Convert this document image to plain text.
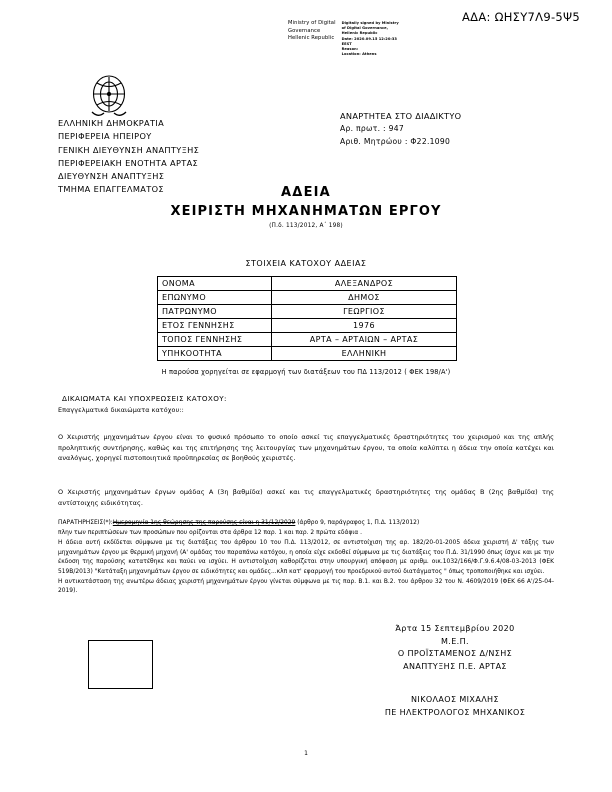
ΑΔΑ: ΩΗΣΥ7Λ9-5Ψ5
Ministry of Digital
Governance
Hellenic Republic
Digitally signed by Ministry
of Digital Governance,
Hellenic Republic
Date: 2020.09.15 12:20:33
EEST
Reason:
Location: Athens
ΕΛΛΗΝΙΚΗ ΔΗΜΟΚΡΑΤΙΑ
ΠΕΡΙΦΕΡΕΙΑ ΗΠΕΙΡΟΥ
ΓΕΝΙΚΗ ΔΙΕΥΘΥΝΣΗ ΑΝΑΠΤΥΞΗΣ
ΠΕΡΙΦΕΡΕΙΑΚΗ ΕΝΟΤΗΤΑ ΑΡΤΑΣ
ΔΙΕΥΘΥΝΣΗ ΑΝΑΠΤΥΞΗΣ
ΤΜΗΜΑ ΕΠΑΓΓΕΛΜΑΤΟΣ
ΑΝΑΡΤΗΤΕΑ ΣΤΟ ΔΙΑΔΙΚΤΥΟ
Αρ. πρωτ. : 947
Αριθ. Μητρώου : Φ22.1090
ΑΔΕΙΑ
ΧΕΙΡΙΣΤΗ ΜΗΧΑΝΗΜΑΤΩΝ ΕΡΓΟΥ
(Π.δ. 113/2012, Α΄ 198)
ΣΤΟΙΧΕΙΑ ΚΑΤΟΧΟΥ ΑΔΕΙΑΣ
ΟΝΟΜΑ	ΑΛΕΞΑΝΔΡΟΣ
ΕΠΩΝΥΜΟ	ΔΗΜΟΣ
ΠΑΤΡΩΝΥΜΟ	ΓΕΩΡΓΙΟΣ
ΕΤΟΣ ΓΕΝΝΗΣΗΣ	1976
ΤΟΠΟΣ ΓΕΝΝΗΣΗΣ	ΑΡΤΑ – ΑΡΤΑΙΩΝ – ΑΡΤΑΣ
ΥΠΗΚΟΟΤΗΤΑ	ΕΛΛΗΝΙΚΗ
Η παρούσα χορηγείται σε εφαρμογή των διατάξεων του ΠΔ 113/2012 ( ΦΕΚ 198/Α')
ΔΙΚΑΙΩΜΑΤΑ ΚΑΙ ΥΠΟΧΡΕΩΣΕΙΣ ΚΑΤΟΧΟΥ:
Επαγγελματικά δικαιώματα κατόχου::
Ο Χειριστής μηχανημάτων έργου είναι το φυσικό πρόσωπο το οποίο ασκεί τις επαγγελματικές δραστηριότητες του χειρισμού και της απλής προληπτικής συντήρησης, καθώς και της επιτήρησης της λειτουργίας των μηχανημάτων έργου, τα οποία καλύπτει η άδεια την οποία κατέχει και αναλόγως, χορηγεί πιστοποιητικά προϋπηρεσίας σε βοηθούς χειριστές.
Ο Χειριστής μηχανημάτων έργων ομάδας Α (3η βαθμίδα) ασκεί και τις επαγγελματικές δραστηριότητες της ομάδας Β (2ης βαθμίδα) της αντίστοιχης ειδικότητας.

ΠΑΡΑΤΗΡΗΣΕΙΣ(*):Ημερομηνία 1ης θεώρησης της παρούσης είναι η 31/12/2029 (άρθρο 9, παράγραφος 1, Π.Δ. 113/2012)

πλην των περιπτώσεων των προσώπων που ορίζονται στα άρθρα 12 παρ. 1 και παρ. 2 πρώτα εδάφια .

Η άδεια αυτή εκδίδεται σύμφωνα με τις διατάξεις του άρθρου 10 του Π.Δ. 113/2012, σε αντιστοίχιση της αρ. 182/20-01-2005 άδεια χειριστή Δ' τάξης των μηχανημάτων έργου με θερμική μηχανή (Α' ομάδας του παραπάνω κατόχου, η οποία είχε εκδοθεί σύμφωνα με τις διατάξεις του Π.Δ. 31/1990 όπως ίσχυε και με την έκδοση της παρούσης κατατέθηκε και παύει να ισχύει. Η αντιστοίχιση καθορίζεται στην υπουργική απόφαση με αριθμ. οικ.1032/166/Φ.Γ.9.6.4/08-03-2013 (ΦΕΚ 519Β/2013) "Κατάταξη μηχανημάτων έργου σε ειδικότητες και ομάδες...κλπ κατ' εφαρμογή του προεδρικού αυτού διατάγματος " όπως τροποποιήθηκε και ισχύει.

Η αντικατάσταση της ανωτέρω άδειας χειριστή μηχανημάτων έργου γίνεται σύμφωνα με τις παρ. Β.1. και Β.2. του άρθρου 32 του Ν. 4609/2019 (ΦΕΚ 66 Α'/25-04-2019).

Άρτα 15 Σεπτεμβρίου 2020
Μ.Ε.Π.
Ο ΠΡΟΪΣΤΑΜΕΝΟΣ Δ/ΝΣΗΣ
ΑΝΑΠΤΥΞΗΣ Π.Ε. ΑΡΤΑΣ
ΝΙΚΟΛΑΟΣ ΜΙΧΑΛΗΣ
ΠΕ ΗΛΕΚΤΡΟΛΟΓΟΣ ΜΗΧΑΝΙΚΟΣ
1
